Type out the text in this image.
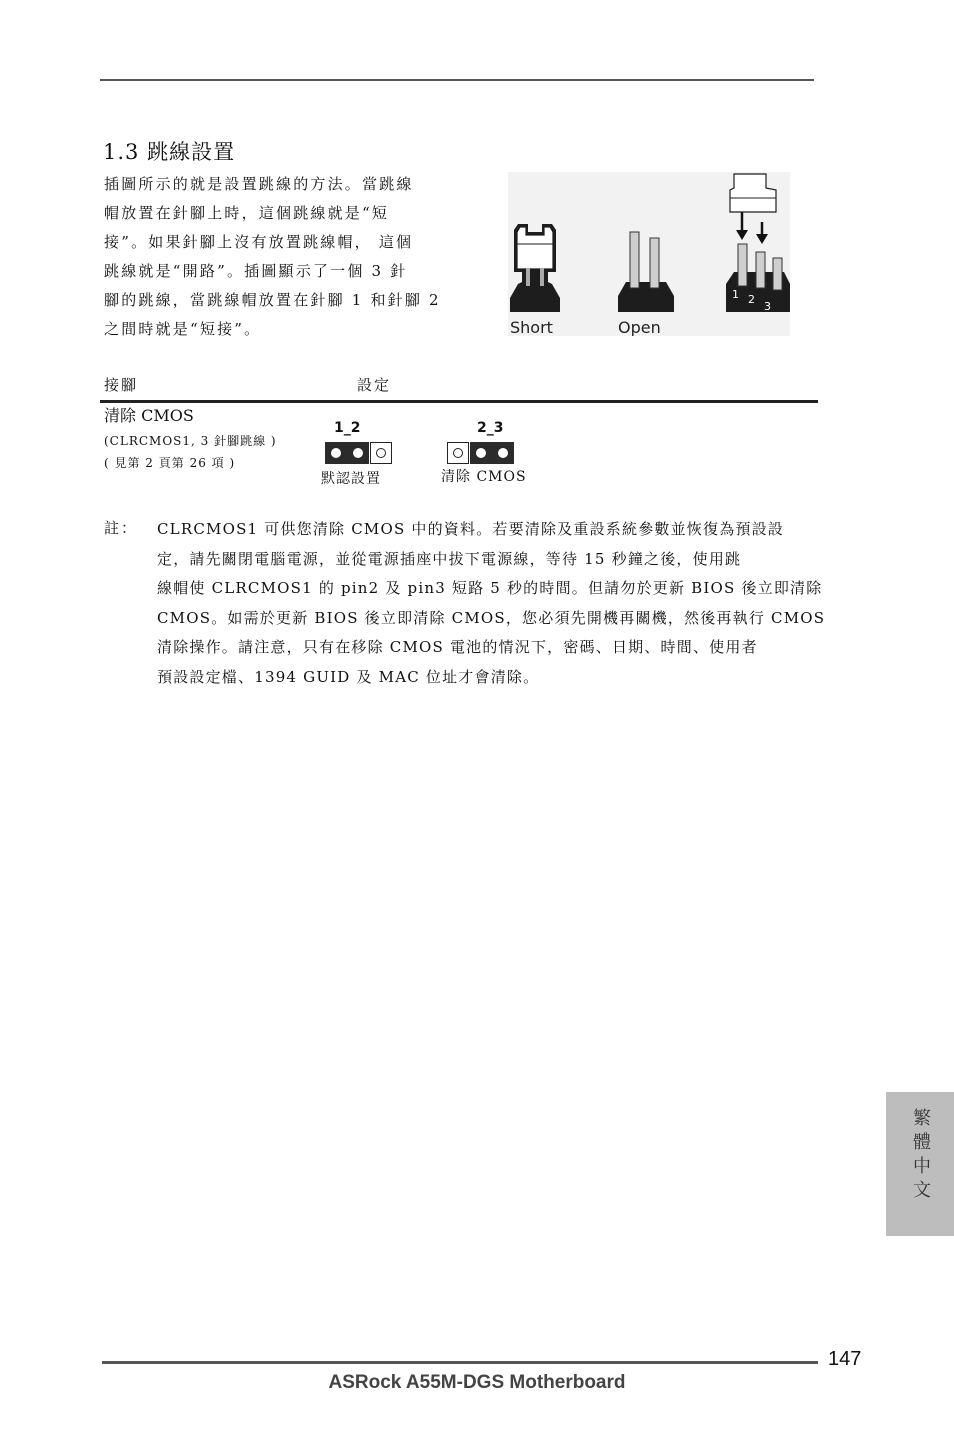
1.3 跳線設置
插圖所示的就是設置跳線的方法。當跳線
帽放置在針腳上時，這個跳線就是“短
接”。如果針腳上沒有放置跳線帽， 這個
跳線就是“開路”。插圖顯示了一個 3 針
腳的跳線，當跳線帽放置在針腳 1 和針腳 2
之間時就是“短接”。
1 2
3
Short	Open
接腳	設定
清除 CMOS
(CLRCMOS1, 3 針腳跳線 )
( 見第 2 頁第 26 項 )
1_2
默認設置
2_3
清除 CMOS
註： CLRCMOS1 可供您清除 CMOS 中的資料。若要清除及重設系統參數並恢復為預設設
定，請先關閉電腦電源，並從電源插座中拔下電源線，等待 15 秒鐘之後，使用跳
線帽使 CLRCMOS1 的 pin2 及 pin3 短路 5 秒的時間。但請勿於更新 BIOS 後立即清除
CMOS。如需於更新 BIOS 後立即清除 CMOS，您必須先開機再關機，然後再執行 CMOS
清除操作。請注意，只有在移除 CMOS 電池的情況下，密碼、日期、時間、使用者
預設設定檔、1394 GUID 及 MAC 位址才會清除。
繁體中文
147
ASRock A55M-DGS Motherboard
